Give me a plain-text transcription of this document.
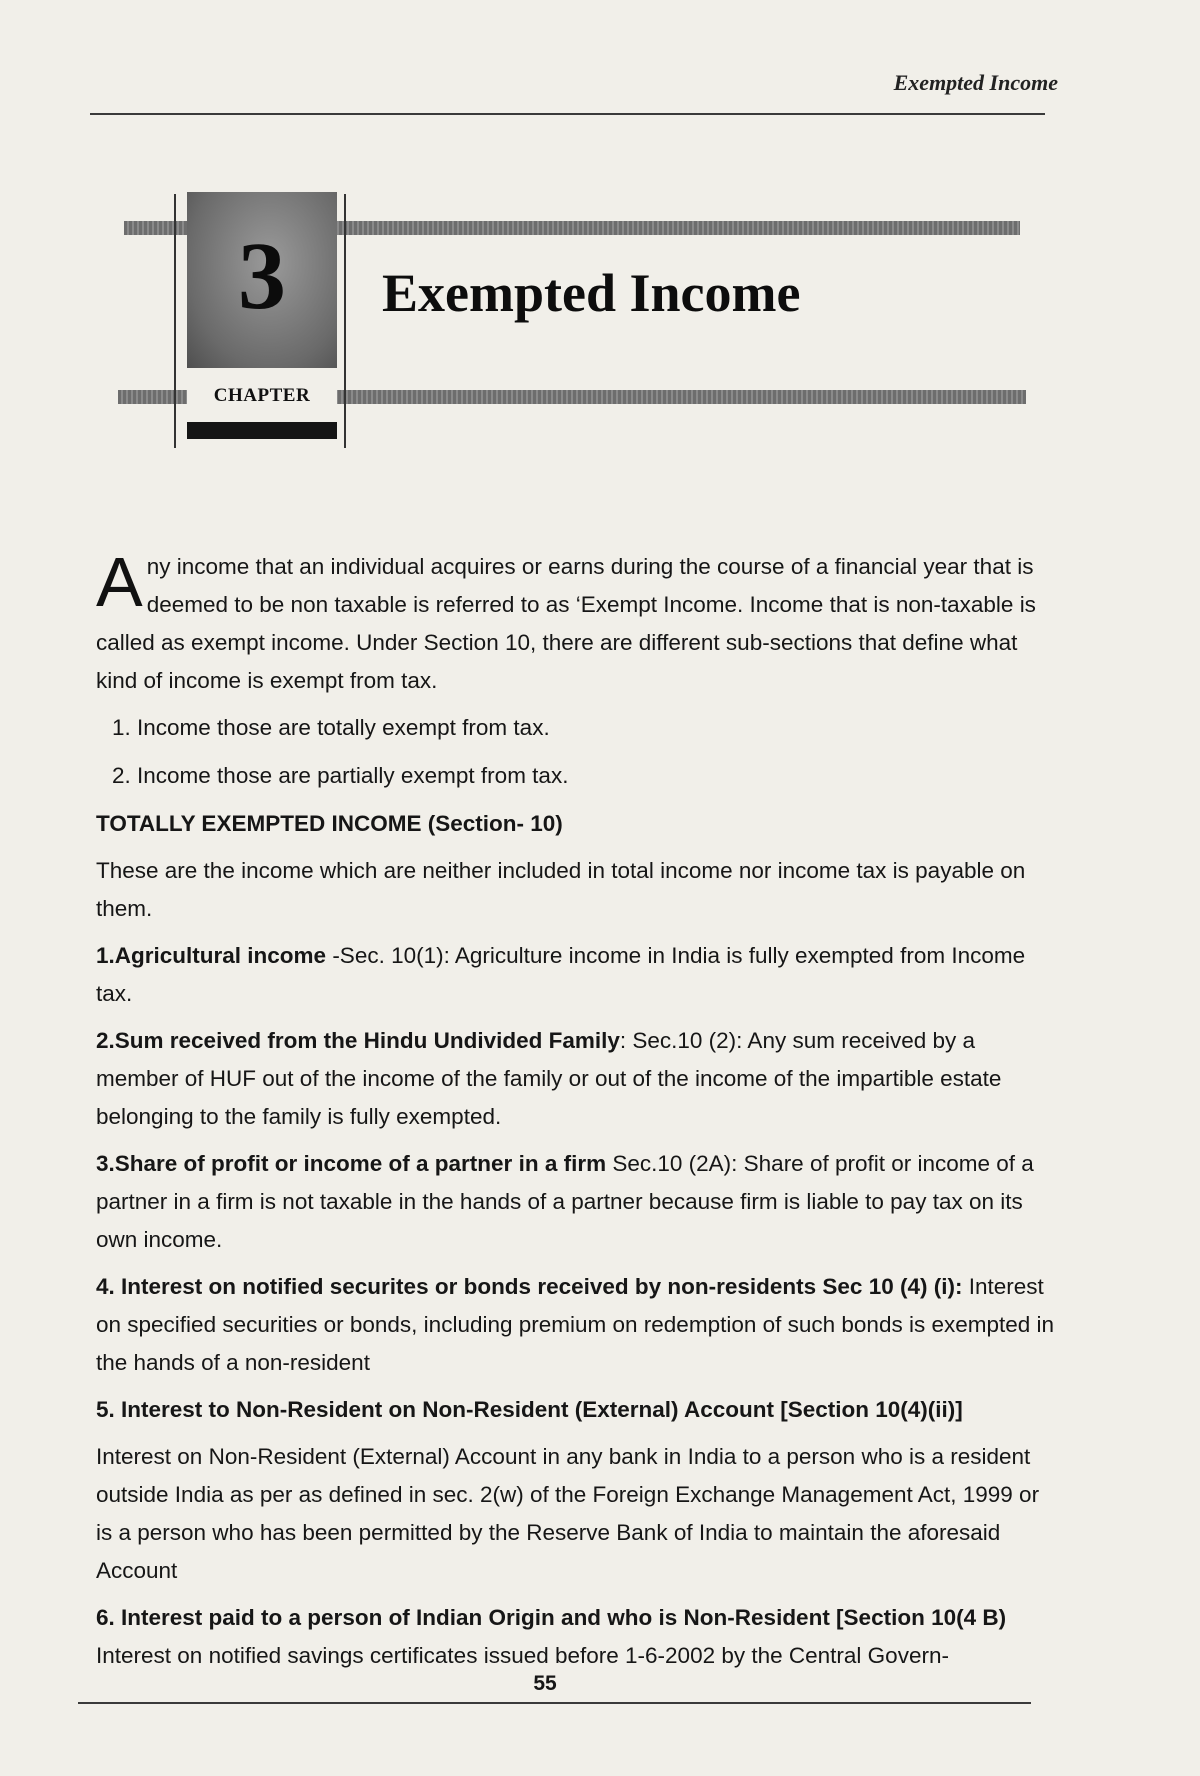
Exempted Income
3
CHAPTER
Exempted Income

Any income that an individual acquires or earns during the course of a financial year that is deemed to be non taxable is referred to as ‘Exempt Income. Income that is non-taxable is called as exempt income. Under Section 10, there are different sub-sections that define what kind of income is exempt from tax.

1. Income those are totally exempt from tax.

2. Income those are partially exempt from tax.

TOTALLY EXEMPTED INCOME (Section- 10)

These are the income which are neither included in total income nor income tax is payable on them.

1.Agricultural income -Sec. 10(1): Agriculture income in India is fully exempted from Income tax.

2.Sum received from the Hindu Undivided Family: Sec.10 (2): Any sum received by a member of HUF out of the income of the family or out of the income of the impartible estate belonging to the family is fully exempted.

3.Share of profit or income of a partner in a firm Sec.10 (2A): Share of profit or income of a partner in a firm is not taxable in the hands of a partner because firm is liable to pay tax on its own income.

4. Interest on notified securites or bonds received by non-residents Sec 10 (4) (i): Interest on specified securities or bonds, including premium on redemption of such bonds is exempted in the hands of a non-resident

5. Interest to Non-Resident on Non-Resident (External) Account [Section 10(4)(ii)]

Interest on Non-Resident (External) Account in any bank in India to a person who is a resident outside India as per as defined in sec. 2(w) of the Foreign Exchange Management Act, 1999 or is a person who has been permitted by the Reserve Bank of India to maintain the aforesaid Account

6. Interest paid to a person of Indian Origin and who is Non-Resident [Section 10(4 B) Interest on notified savings certificates issued before 1-6-2002 by the Central Govern-

55
